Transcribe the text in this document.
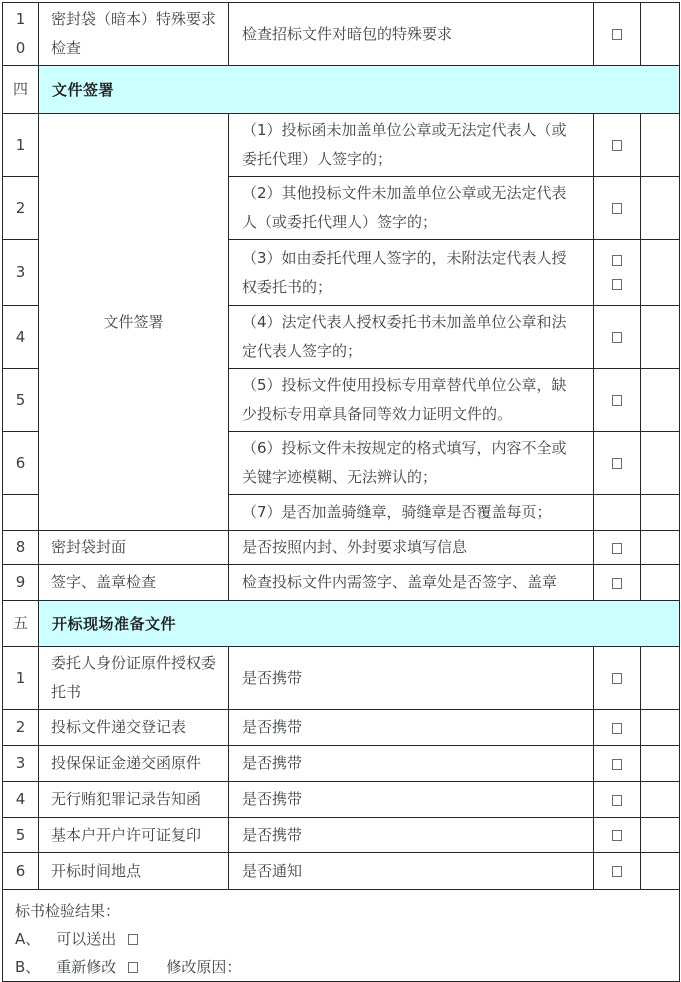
10	密封袋（暗本）特殊要求检查	检查招标文件对暗包的特殊要求		
四	文件签署			
1	文件签署	（1）投标函未加盖单位公章或无法定代表人（或委托代理）人签字的；		
2		（2）其他投标文件未加盖单位公章或无法定代表人（或委托代理人）签字的；		
3		（3）如由委托代理人签字的，未附法定代表人授权委托书的；	

4		（4）法定代表人授权委托书未加盖单位公章和法定代表人签字的；		
5		（5）投标文件使用投标专用章替代单位公章，缺少投标专用章具备同等效力证明文件的。		
6		（6）投标文件未按规定的格式填写，内容不全或关键字迹模糊、无法辨认的；		
		（7）是否加盖骑缝章，骑缝章是否覆盖每页；		
8	密封袋封面	是否按照内封、外封要求填写信息		
9	签字、盖章检查	检查投标文件内需签字、盖章处是否签字、盖章		
五	开标现场准备文件			
1	委托人身份证原件授权委托书	是否携带		
2	投标文件递交登记表	是否携带		
3	投保保证金递交函原件	是否携带		
4	无行贿犯罪记录告知函	是否携带		
5	基本户开户许可证复印	是否携带		
6	开标时间地点	是否通知		

标书检验结果：
A、 可以送出
B、 重新修改 修改原因：				
